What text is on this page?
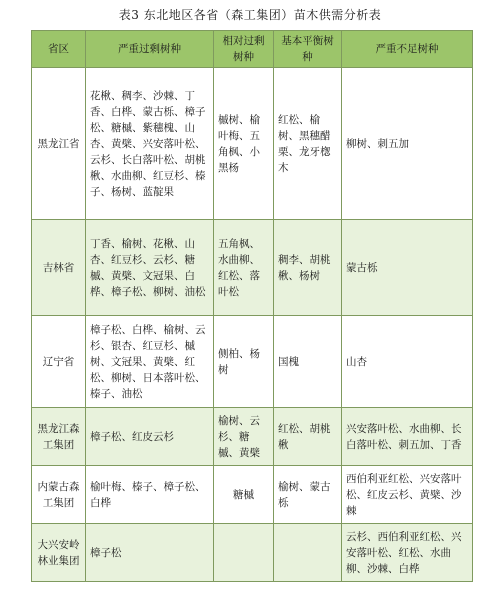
表3 东北地区各省（森工集团）苗木供需分析表
省区	严重过剩树种	相对过剩树种	基本平衡树种	严重不足树种
黑龙江省	花楸、稠李、沙棘、丁香、白桦、蒙古栎、樟子松、糖槭、紫穗槐、山杏、黄檗、兴安落叶松、云杉、长白落叶松、胡桃楸、水曲柳、红豆杉、榛子、杨树、蓝靛果	槭树、榆叶梅、五角枫、小黑杨	红松、榆树、黑穗醋栗、龙牙楤木	柳树、刺五加
吉林省	丁香、榆树、花楸、山杏、红豆杉、云杉、糖槭、黄檗、文冠果、白桦、樟子松、柳树、油松	五角枫、水曲柳、红松、落叶松	稠李、胡桃楸、杨树	蒙古栎
辽宁省	樟子松、白桦、榆树、云杉、银杏、红豆杉、槭树、文冠果、黄檗、红松、柳树、日本落叶松、榛子、油松	侧柏、杨树	国槐	山杏
黑龙江森工集团	樟子松、红皮云杉	榆树、云杉、糖槭、黄檗	红松、胡桃楸	兴安落叶松、水曲柳、长白落叶松、刺五加、丁香
内蒙古森工集团	榆叶梅、榛子、樟子松、白桦	糖槭	榆树、蒙古栎	西伯利亚红松、兴安落叶松、红皮云杉、黄檗、沙棘
大兴安岭林业集团	樟子松			云杉、西伯利亚红松、兴安落叶松、红松、水曲柳、沙棘、白桦
